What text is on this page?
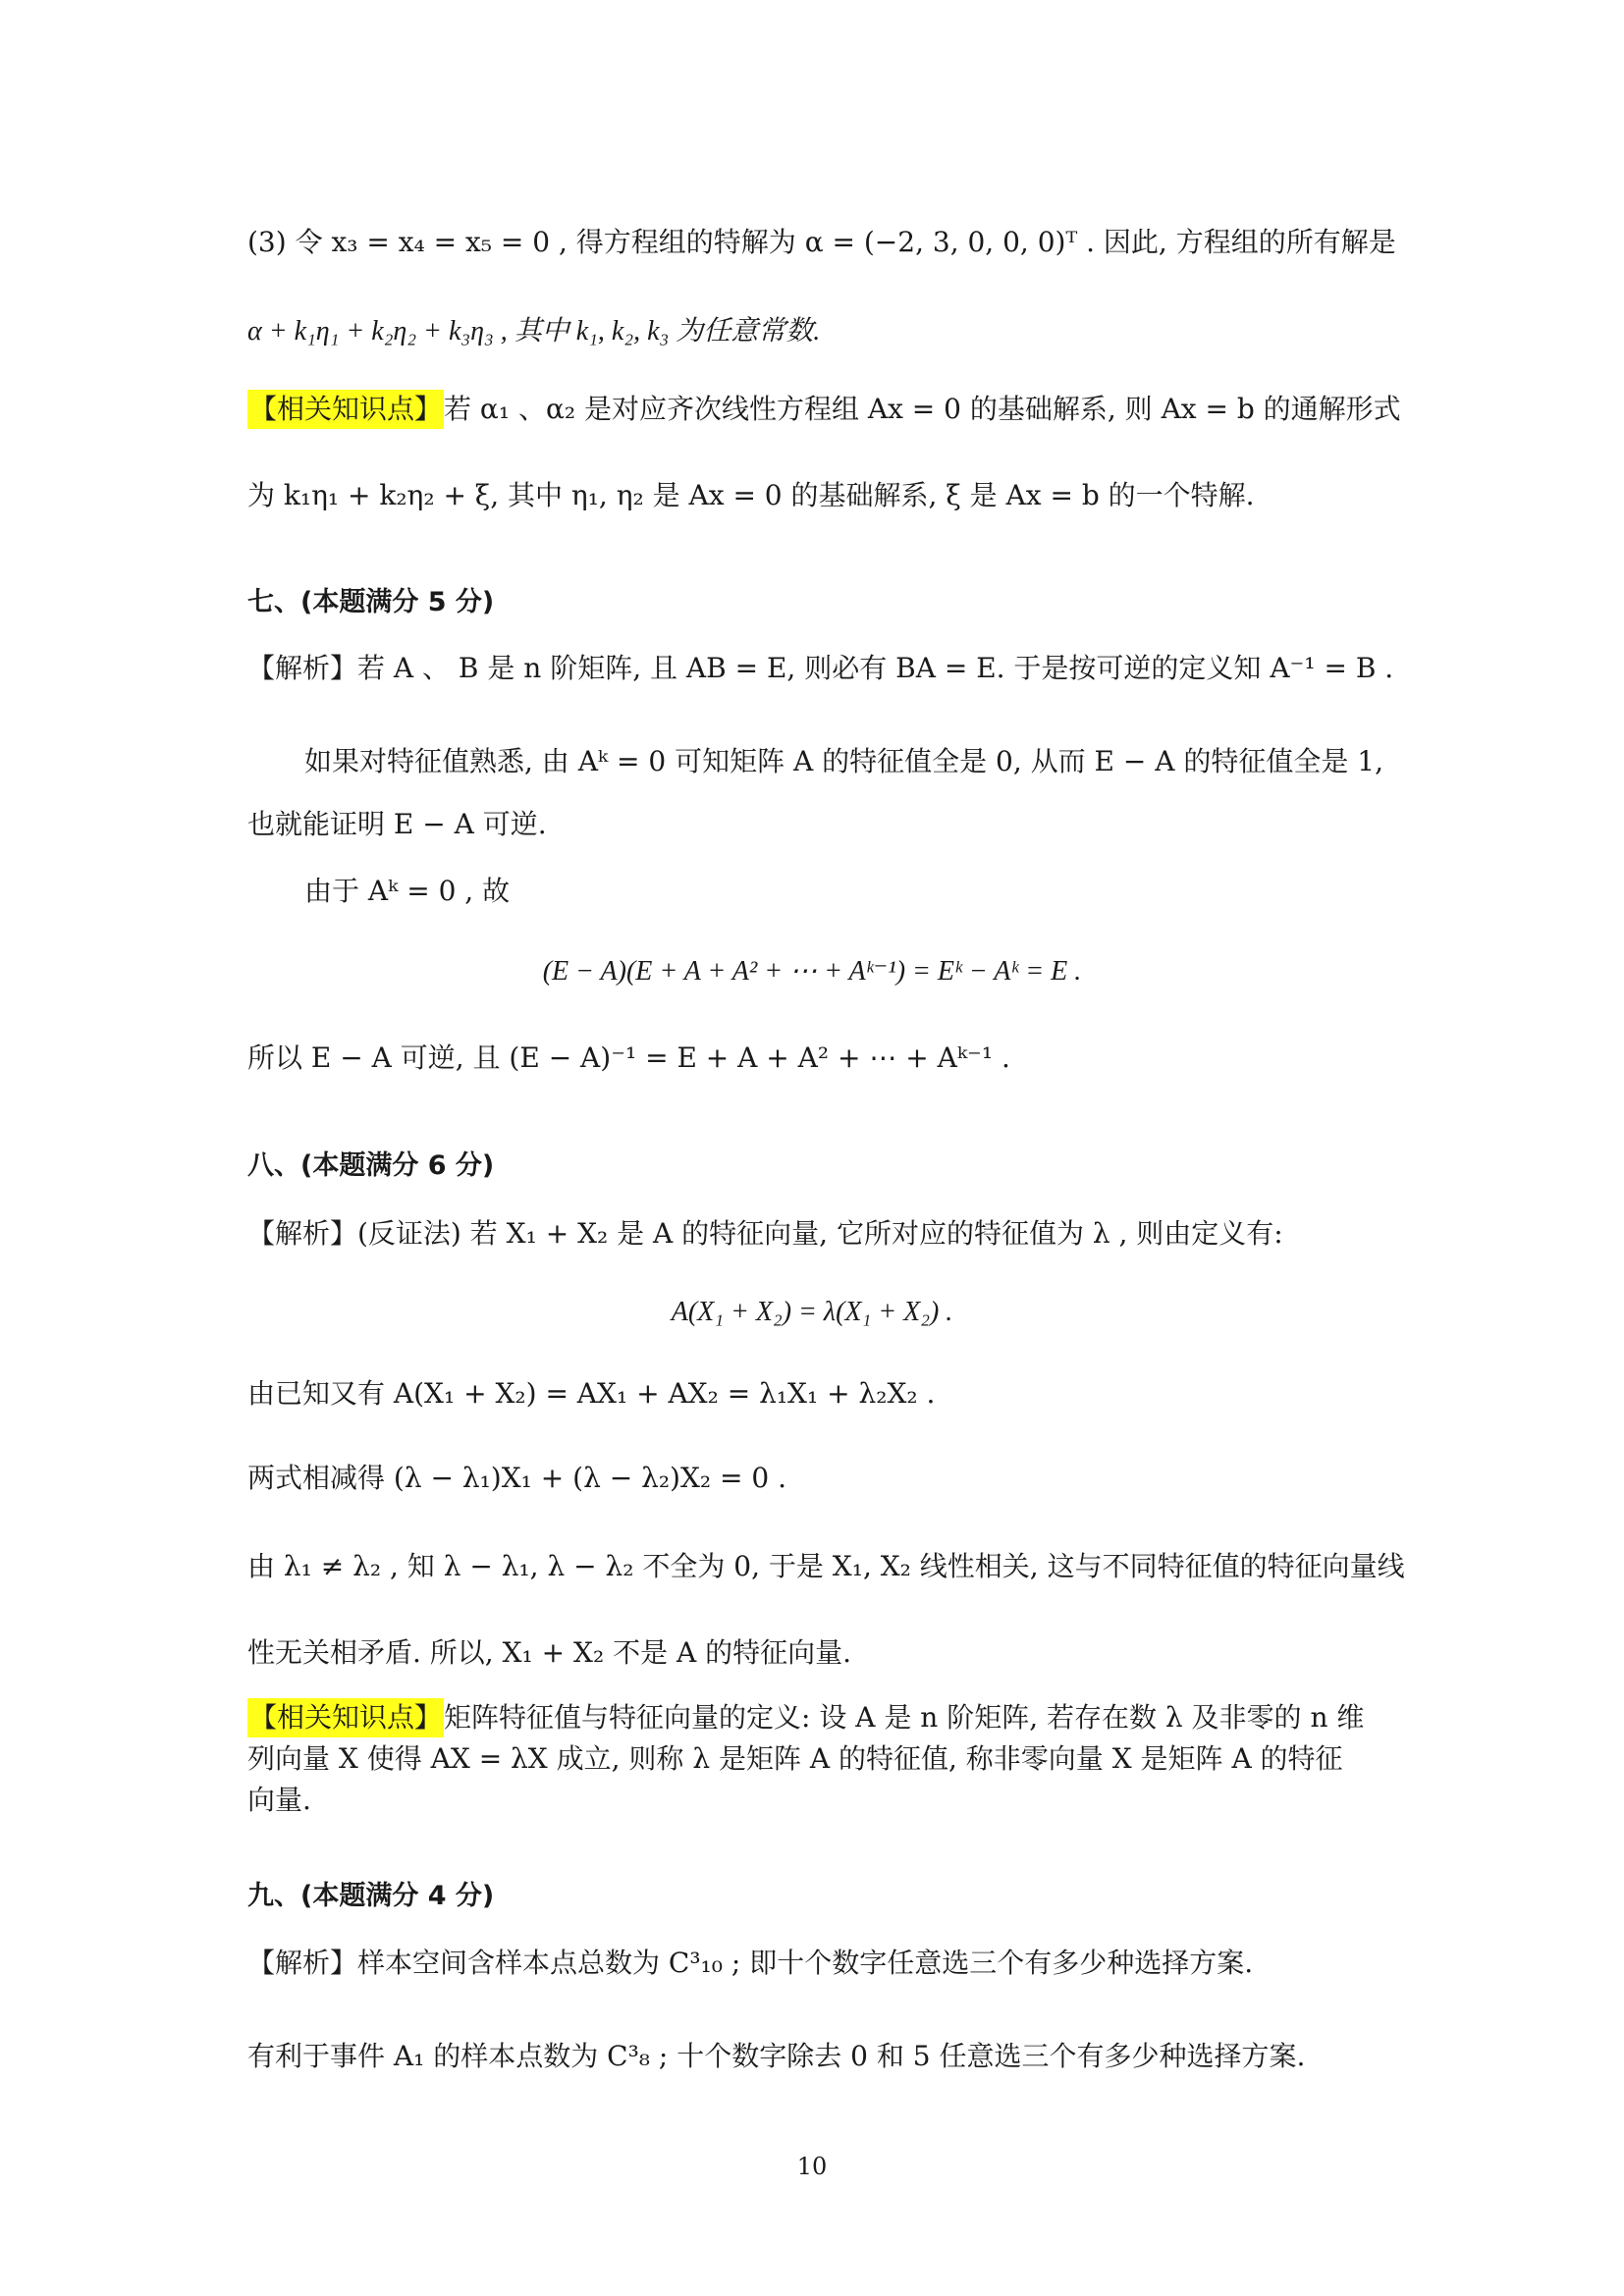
(3) 令 x₃ = x₄ = x₅ = 0 , 得方程组的特解为 α = (−2, 3, 0, 0, 0)ᵀ . 因此, 方程组的所有解是
α + k₁η₁ + k₂η₂ + k₃η₃ , 其中 k₁, k₂, k₃ 为任意常数.
【相关知识点】若 α₁ 、α₂ 是对应齐次线性方程组 Ax = 0 的基础解系, 则 Ax = b 的通解形式
为 k₁η₁ + k₂η₂ + ξ, 其中 η₁, η₂ 是 Ax = 0 的基础解系, ξ 是 Ax = b 的一个特解.
七、(本题满分 5 分)
【解析】若 A 、 B 是 n 阶矩阵, 且 AB = E, 则必有 BA = E. 于是按可逆的定义知 A⁻¹ = B .
如果对特征值熟悉, 由 Aᵏ = 0 可知矩阵 A 的特征值全是 0, 从而 E − A 的特征值全是 1,
也就能证明 E − A 可逆.
由于 Aᵏ = 0 , 故
(E − A)(E + A + A² + ⋯ + Aᵏ⁻¹) = Eᵏ − Aᵏ = E .
所以 E − A 可逆, 且 (E − A)⁻¹ = E + A + A² + ⋯ + Aᵏ⁻¹ .
八、(本题满分 6 分)
【解析】(反证法) 若 X₁ + X₂ 是 A 的特征向量, 它所对应的特征值为 λ , 则由定义有:
A(X₁ + X₂) = λ(X₁ + X₂) .
由已知又有 A(X₁ + X₂) = AX₁ + AX₂ = λ₁X₁ + λ₂X₂ .
两式相减得 (λ − λ₁)X₁ + (λ − λ₂)X₂ = 0 .
由 λ₁ ≠ λ₂ , 知 λ − λ₁, λ − λ₂ 不全为 0, 于是 X₁, X₂ 线性相关, 这与不同特征值的特征向量线
性无关相矛盾. 所以, X₁ + X₂ 不是 A 的特征向量.
【相关知识点】矩阵特征值与特征向量的定义: 设 A 是 n 阶矩阵, 若存在数 λ 及非零的 n 维
列向量 X 使得 AX = λX 成立, 则称 λ 是矩阵 A 的特征值, 称非零向量 X 是矩阵 A 的特征
向量.
九、(本题满分 4 分)
【解析】样本空间含样本点总数为 C³₁₀ ; 即十个数字任意选三个有多少种选择方案.
有利于事件 A₁ 的样本点数为 C³₈ ; 十个数字除去 0 和 5 任意选三个有多少种选择方案.
10
